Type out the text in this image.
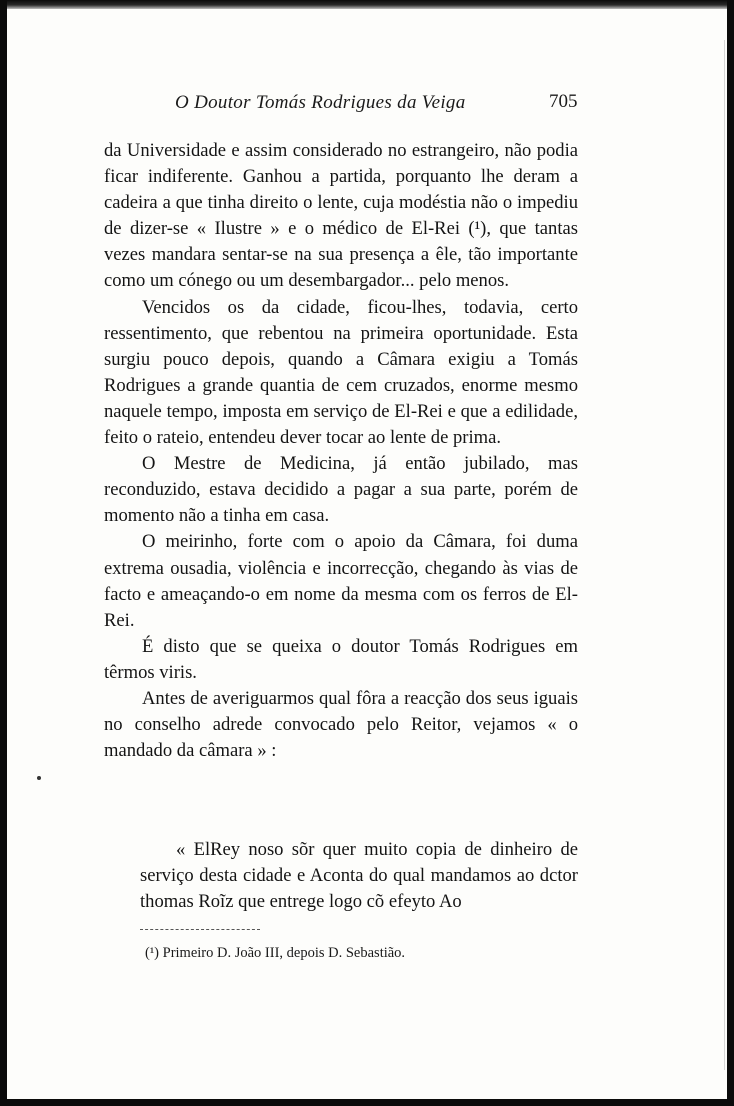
O Doutor Tomás Rodrigues da Veiga	705

da Universidade e assim considerado no estrangeiro, não podia ficar indiferente. Ganhou a partida, porquanto lhe deram a cadeira a que tinha direito o lente, cuja modéstia não o impediu de dizer-se « Ilustre » e o médico de El-Rei (¹), que tantas vezes mandara sentar-se na sua presença a êle, tão importante como um cónego ou um desembargador... pelo menos.

Vencidos os da cidade, ficou-lhes, todavia, certo ressentimento, que rebentou na primeira oportunidade. Esta surgiu pouco depois, quando a Câmara exigiu a Tomás Rodrigues a grande quantia de cem cruzados, enorme mesmo naquele tempo, imposta em serviço de El-Rei e que a edilidade, feito o rateio, entendeu dever tocar ao lente de prima.

O Mestre de Medicina, já então jubilado, mas reconduzido, estava decidido a pagar a sua parte, porém de momento não a tinha em casa.

O meirinho, forte com o apoio da Câmara, foi duma extrema ousadia, violência e incorrecção, chegando às vias de facto e ameaçando-o em nome da mesma com os ferros de El-Rei.

É disto que se queixa o doutor Tomás Rodrigues em têrmos viris.

Antes de averiguarmos qual fôra a reacção dos seus iguais no conselho adrede convocado pelo Reitor, vejamos « o mandado da câmara » :

« ElRey noso sõr quer muito copia de dinheiro de serviço desta cidade e Aconta do qual mandamos ao dctor thomas Roĩz que entrege logo cõ efeyto Ao

(¹) Primeiro D. João III, depois D. Sebastião.
